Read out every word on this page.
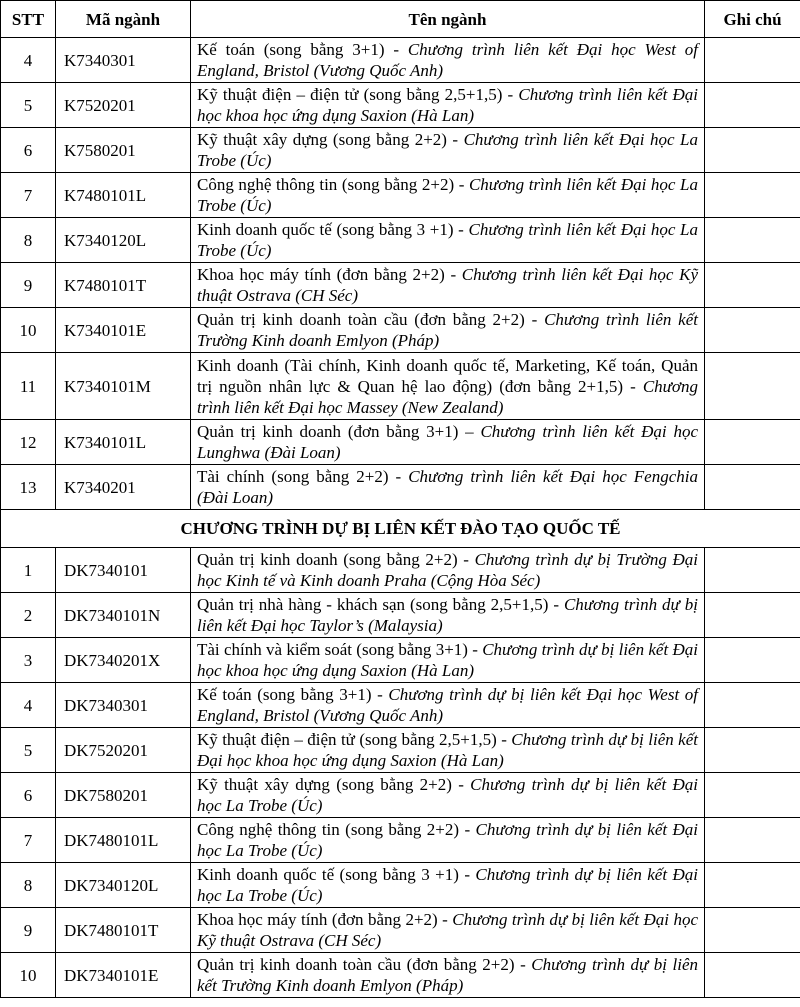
STT	Mã ngành	Tên ngành	Ghi chú
4	K7340301	Kế toán (song bằng 3+1) - Chương trình liên kết Đại học West of England, Bristol (Vương Quốc Anh)	
5	K7520201	Kỹ thuật điện – điện tử (song bằng 2,5+1,5) - Chương trình liên kết Đại học khoa học ứng dụng Saxion (Hà Lan)	
6	K7580201	Kỹ thuật xây dựng (song bằng 2+2) - Chương trình liên kết Đại học La Trobe (Úc)	
7	K7480101L	Công nghệ thông tin (song bằng 2+2) - Chương trình liên kết Đại học La Trobe (Úc)	
8	K7340120L	Kinh doanh quốc tế (song bằng 3 +1) - Chương trình liên kết Đại học La Trobe (Úc)	
9	K7480101T	Khoa học máy tính (đơn bằng 2+2) - Chương trình liên kết Đại học Kỹ thuật Ostrava (CH Séc)	
10	K7340101E	Quản trị kinh doanh toàn cầu (đơn bằng 2+2) - Chương trình liên kết Trường Kinh doanh Emlyon (Pháp)	
11	K7340101M	Kinh doanh (Tài chính, Kinh doanh quốc tế, Marketing, Kế toán, Quản trị nguồn nhân lực & Quan hệ lao động) (đơn bằng 2+1,5) - Chương trình liên kết Đại học Massey (New Zealand)	
12	K7340101L	Quản trị kinh doanh (đơn bằng 3+1) – Chương trình liên kết Đại học Lunghwa (Đài Loan)	
13	K7340201	Tài chính (song bằng 2+2) - Chương trình liên kết Đại học Fengchia (Đài Loan)	
CHƯƠNG TRÌNH DỰ BỊ LIÊN KẾT ĐÀO TẠO QUỐC TẾ			
1	DK7340101	Quản trị kinh doanh (song bằng 2+2) - Chương trình dự bị Trường Đại học Kinh tế và Kinh doanh Praha (Cộng Hòa Séc)	
2	DK7340101N	Quản trị nhà hàng - khách sạn (song bằng 2,5+1,5) - Chương trình dự bị liên kết Đại học Taylor’s (Malaysia)	
3	DK7340201X	Tài chính và kiểm soát (song bằng 3+1) - Chương trình dự bị liên kết Đại học khoa học ứng dụng Saxion (Hà Lan)	
4	DK7340301	Kế toán (song bằng 3+1) - Chương trình dự bị liên kết Đại học West of England, Bristol (Vương Quốc Anh)	
5	DK7520201	Kỹ thuật điện – điện tử (song bằng 2,5+1,5) - Chương trình dự bị liên kết Đại học khoa học ứng dụng Saxion (Hà Lan)	
6	DK7580201	Kỹ thuật xây dựng (song bằng 2+2) - Chương trình dự bị liên kết Đại học La Trobe (Úc)	
7	DK7480101L	Công nghệ thông tin (song bằng 2+2) - Chương trình dự bị liên kết Đại học La Trobe (Úc)	
8	DK7340120L	Kinh doanh quốc tế (song bằng 3 +1) - Chương trình dự bị liên kết Đại học La Trobe (Úc)	
9	DK7480101T	Khoa học máy tính (đơn bằng 2+2) - Chương trình dự bị liên kết Đại học Kỹ thuật Ostrava (CH Séc)	
10	DK7340101E	Quản trị kinh doanh toàn cầu (đơn bằng 2+2) - Chương trình dự bị liên kết Trường Kinh doanh Emlyon (Pháp)	
